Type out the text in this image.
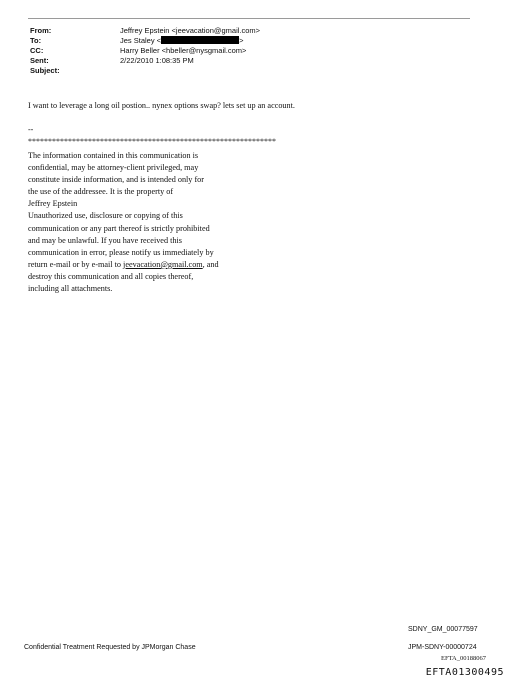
From:	Jeffrey Epstein <jeevacation@gmail.com>
To:	Jes Staley <	>
CC:	Harry Beller <hbeller@nysgmail.com>
Sent:	2/22/2010 1:08:35 PM
Subject:
I want to leverage a long oil postion.. nynex options swap? lets set up an account.
--
**************************************************************
The information contained in this communication is
confidential, may be attorney-client privileged, may
constitute inside information, and is intended only for
the use of the addressee. It is the property of
Jeffrey Epstein
Unauthorized use, disclosure or copying of this
communication or any part thereof is strictly prohibited
and may be unlawful. If you have received this
communication in error, please notify us immediately by
return e-mail or by e-mail to jeevacation@gmail.com, and
destroy this communication and all copies thereof,
including all attachments.
SDNY_GM_00077597
Confidential Treatment Requested by JPMorgan Chase	JPM-SDNY-00000724
EFTA_00188067
EFTA01300495
